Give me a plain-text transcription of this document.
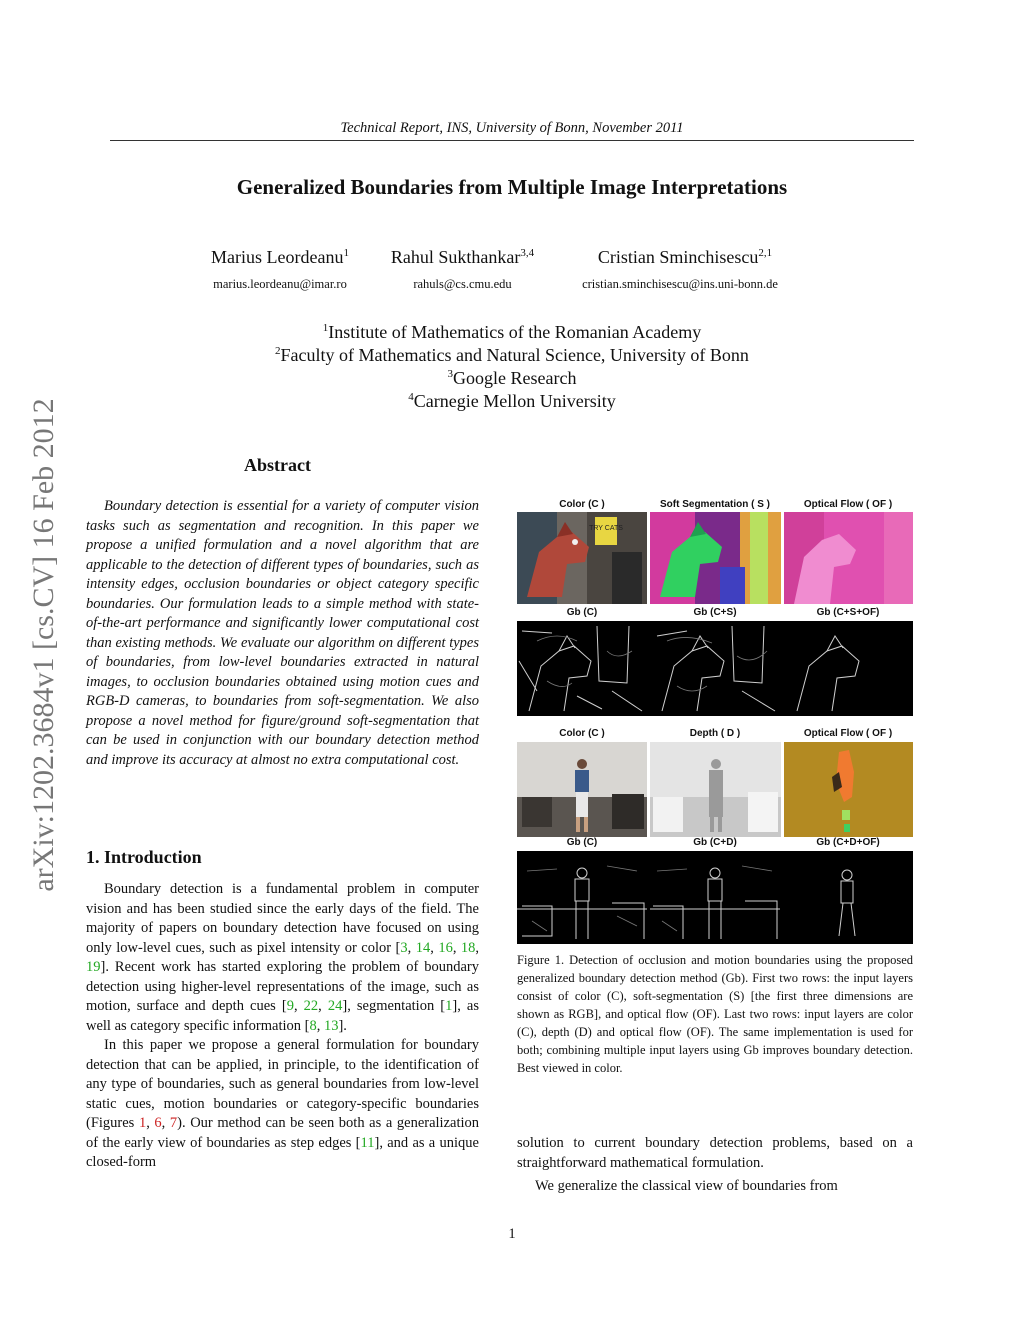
Technical Report, INS, University of Bonn, November 2011
Generalized Boundaries from Multiple Image Interpretations
Marius Leordeanu$^1$	Rahul Sukthankar$^{3,4}$	Cristian Sminchisescu$^{2,1}$
marius.leordeanu@imar.ro	rahuls@cs.cmu.edu	cristian.sminchisescu@ins.uni-bonn.de
$^1$Institute of Mathematics of the Romanian Academy
$^2$Faculty of Mathematics and Natural Science, University of Bonn
$^3$Google Research
$^4$Carnegie Mellon University
arXiv:1202.3684v1 [cs.CV] 16 Feb 2012	Abstract
Boundary detection is essential for a variety of computer vision tasks such as segmentation and recognition. In this paper we propose a unified formulation and a novel algorithm that are applicable to the detection of different types of boundaries, such as intensity edges, occlusion boundaries or object category specific boundaries. Our formulation leads to a simple method with state-of-the-art performance and significantly lower computational cost than existing methods. We evaluate our algorithm on different types of boundaries, from low-level boundaries extracted in natural images, to occlusion boundaries obtained using motion cues and RGB-D cameras, to boundaries from soft-segmentation. We also propose a novel method for figure/ground soft-segmentation that can be used in conjunction with our boundary detection method and improve its accuracy at almost no extra computational cost.
1. Introduction

Boundary detection is a fundamental problem in computer vision and has been studied since the early days of the field. The majority of papers on boundary detection have focused on using only low-level cues, such as pixel intensity or color [3, 14, 16, 18, 19]. Recent work has started exploring the problem of boundary detection using higher-level representations of the image, such as motion, surface and depth cues [9, 22, 24], segmentation [1], as well as category specific information [8, 13].

In this paper we propose a general formulation for boundary detection that can be applied, in principle, to the identification of any type of boundaries, such as general boundaries from low-level static cues, motion boundaries or category-specific boundaries (Figures 1, 6, 7). Our method can be seen both as a generalization of the early view of boundaries as step edges [11], and as a unique closed-form

Color (C )	Soft Segmentation ( S )	Optical Flow ( OF )
TRY CATS
Gb (C)	Gb (C+S)	Gb (C+S+OF)
Color (C )	Depth ( D )	Optical Flow ( OF )
Gb (C)	Gb (C+D)	Gb (C+D+OF)
Figure 1. Detection of occlusion and motion boundaries using the proposed generalized boundary detection method (Gb). First two rows: the input layers consist of color (C), soft-segmentation (S) [the first three dimensions are shown as RGB], and optical flow (OF). Last two rows: input layers are color (C), depth (D) and optical flow (OF). The same implementation is used for both; combining multiple input layers using Gb improves boundary detection. Best viewed in color.

solution to current boundary detection problems, based on a straightforward mathematical formulation.

We generalize the classical view of boundaries from

1
